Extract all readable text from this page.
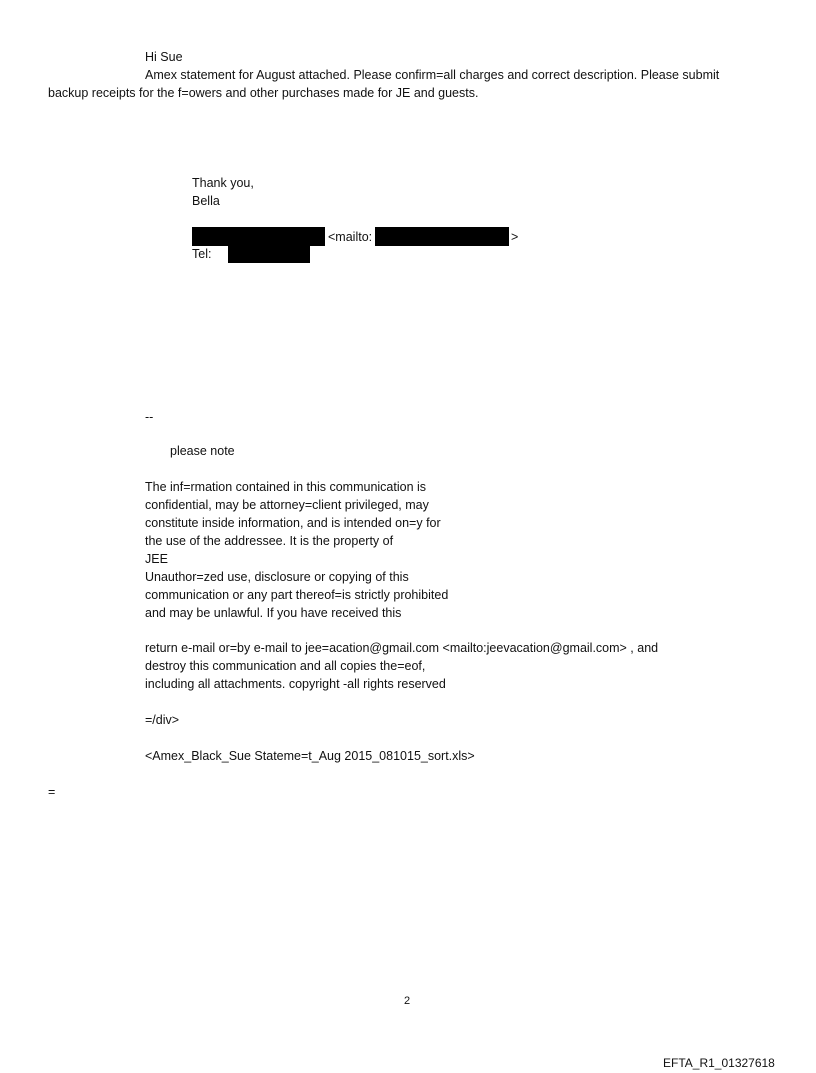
Hi Sue
Amex statement for August attached. Please confirm=all charges and correct description. Please submit
backup receipts for the f=owers and other purchases made for JE and guests.
Thank you,
Bella
<mailto:	>
Tel:
--
please note
The inf=rmation contained in this communication is
confidential, may be attorney=client privileged, may
constitute inside information, and is intended on=y for
the use of the addressee. It is the property of
JEE
Unauthor=zed use, disclosure or copying of this
communication or any part thereof=is strictly prohibited
and may be unlawful. If you have received this
return e-mail or=by e-mail to jee=acation@gmail.com <mailto:jeevacation@gmail.com> , and
destroy this communication and all copies the=eof,
including all attachments. copyright -all rights reserved
=/div>
<Amex_Black_Sue Stateme=t_Aug 2015_081015_sort.xls>
=
2
EFTA_R1_01327618
